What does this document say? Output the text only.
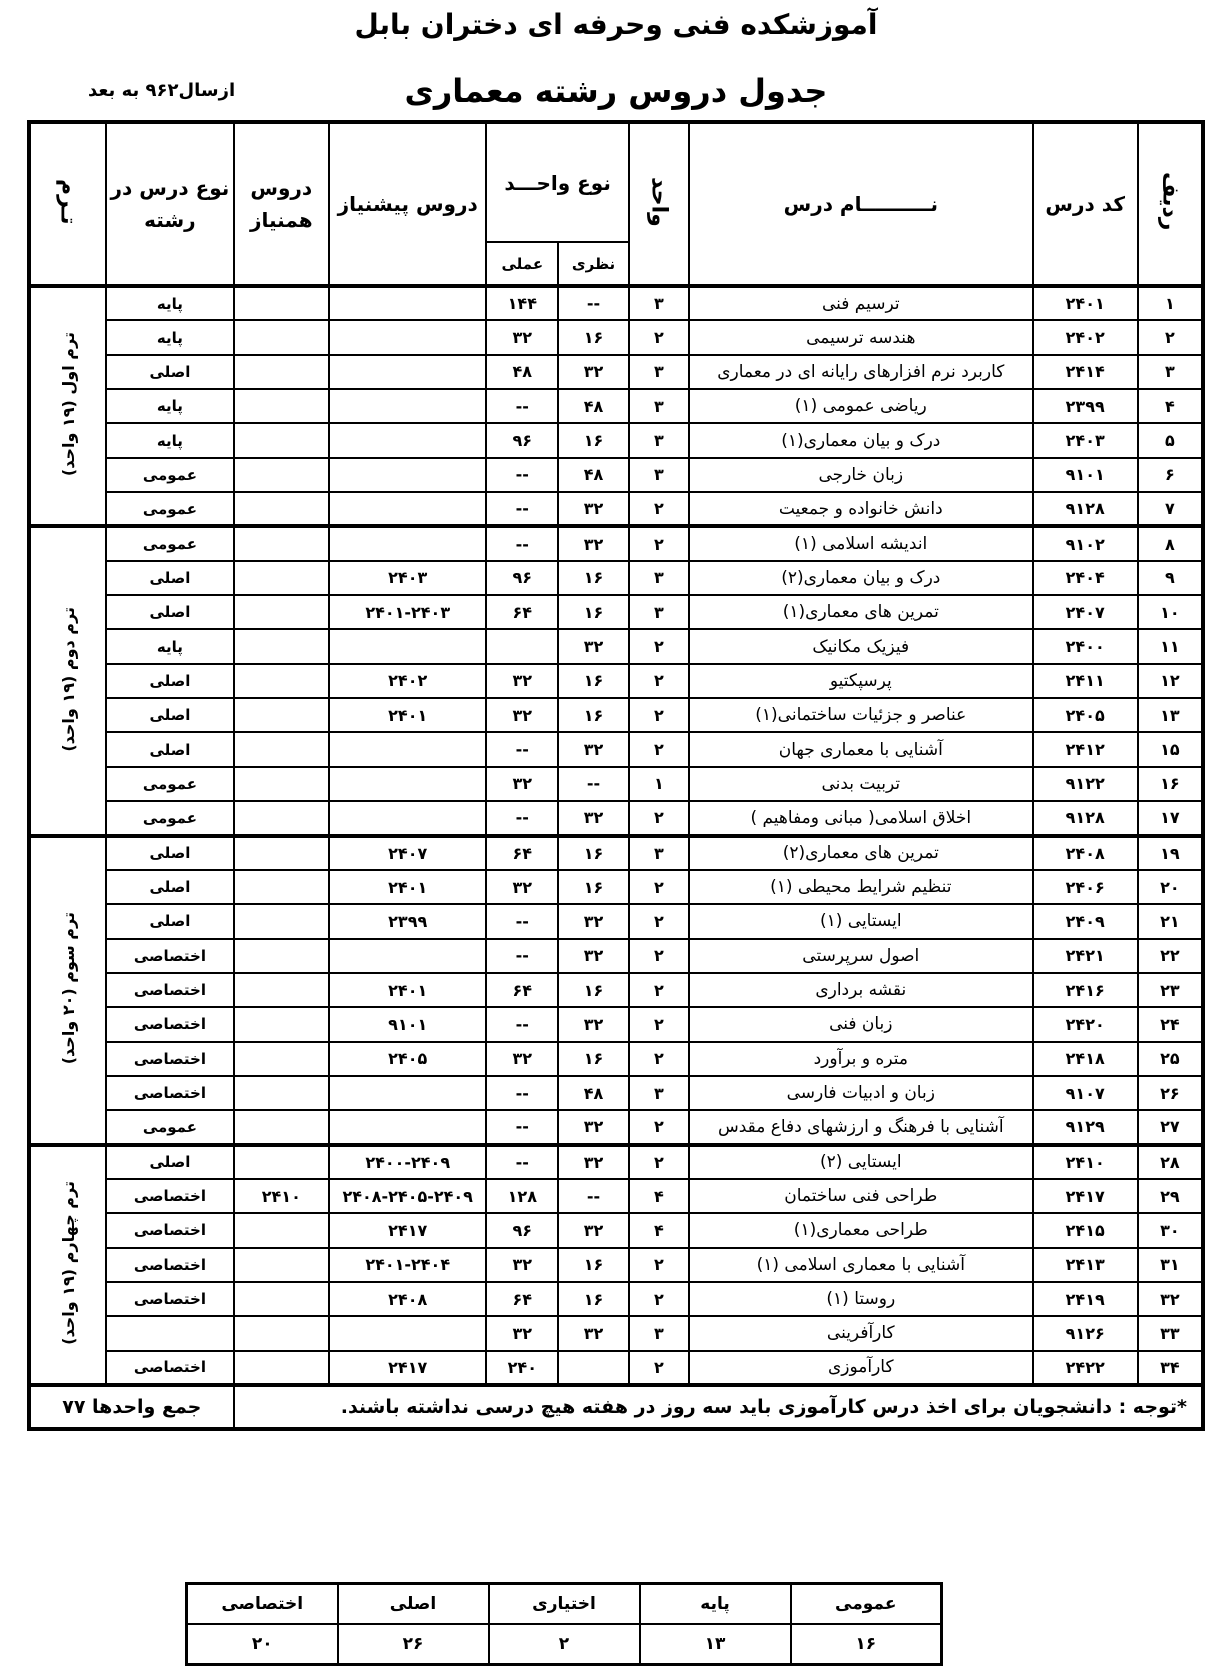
آموزشکده فنی وحرفه ای دختران بابل
جدول دروس رشته معماری
ازسال۹۶۲ به بعد
ردیف	کد درس	نــــــــــام درس	واحد	نوع واحـــد		دروس پیشنیاز	دروس همنیاز	نوع درس در رشته	تـرم
				نظری	عملی				
۱	۲۴۰۱	ترسیم فنی	۳	--	۱۴۴			پایه	ترم اول (۱۹ واحد)
۲	۲۴۰۲	هندسه ترسیمی	۲	۱۶	۳۲			پایه	
۳	۲۴۱۴	کاربرد نرم افزارهای رایانه ای در معماری	۳	۳۲	۴۸			اصلی	
۴	۲۳۹۹	ریاضی عمومی (۱)	۳	۴۸	--			پایه	
۵	۲۴۰۳	درک و بیان معماری(۱)	۳	۱۶	۹۶			پایه	
۶	۹۱۰۱	زبان خارجی	۳	۴۸	--			عمومی	
۷	۹۱۲۸	دانش خانواده و جمعیت	۲	۳۲	--			عمومی	
۸	۹۱۰۲	اندیشه اسلامی (۱)	۲	۳۲	--			عمومی	ترم دوم (۱۹ واحد)
۹	۲۴۰۴	درک و بیان معماری(۲)	۳	۱۶	۹۶	۲۴۰۳		اصلی	
۱۰	۲۴۰۷	تمرین های معماری(۱)	۳	۱۶	۶۴	۲۴۰۱-۲۴۰۳		اصلی	
۱۱	۲۴۰۰	فیزیک مکانیک	۲	۳۲				پایه	
۱۲	۲۴۱۱	پرسپکتیو	۲	۱۶	۳۲	۲۴۰۲		اصلی	
۱۳	۲۴۰۵	عناصر و جزئیات ساختمانی(۱)	۲	۱۶	۳۲	۲۴۰۱		اصلی	
۱۵	۲۴۱۲	آشنایی با معماری جهان	۲	۳۲	--			اصلی	
۱۶	۹۱۲۲	تربیت بدنی	۱	--	۳۲			عمومی	
۱۷	۹۱۲۸	اخلاق اسلامی( مبانی ومفاهیم )	۲	۳۲	--			عمومی	
۱۹	۲۴۰۸	تمرین های معماری(۲)	۳	۱۶	۶۴	۲۴۰۷		اصلی	ترم سوم (۲۰ واحد)
۲۰	۲۴۰۶	تنظیم شرایط محیطی (۱)	۲	۱۶	۳۲	۲۴۰۱		اصلی	
۲۱	۲۴۰۹	ایستایی (۱)	۲	۳۲	--	۲۳۹۹		اصلی	
۲۲	۲۴۲۱	اصول سرپرستی	۲	۳۲	--			اختصاصی	
۲۳	۲۴۱۶	نقشه برداری	۲	۱۶	۶۴	۲۴۰۱		اختصاصی	
۲۴	۲۴۲۰	زبان فنی	۲	۳۲	--	۹۱۰۱		اختصاصی	
۲۵	۲۴۱۸	متره و برآورد	۲	۱۶	۳۲	۲۴۰۵		اختصاصی	
۲۶	۹۱۰۷	زبان و ادبیات فارسی	۳	۴۸	--			اختصاصی	
۲۷	۹۱۲۹	آشنایی با فرهنگ و ارزشهای دفاع مقدس	۲	۳۲	--			عمومی	
۲۸	۲۴۱۰	ایستایی (۲)	۲	۳۲	--	۲۴۰۰-۲۴۰۹		اصلی	ترم چهارم (۱۹ واحد)
۲۹	۲۴۱۷	طراحی فنی ساختمان	۴	--	۱۲۸	۲۴۰۸-۲۴۰۵-۲۴۰۹	۲۴۱۰	اختصاصی	
۳۰	۲۴۱۵	طراحی معماری(۱)	۴	۳۲	۹۶	۲۴۱۷		اختصاصی	
۳۱	۲۴۱۳	آشنایی با معماری اسلامی (۱)	۲	۱۶	۳۲	۲۴۰۱-۲۴۰۴		اختصاصی	
۳۲	۲۴۱۹	روستا (۱)	۲	۱۶	۶۴	۲۴۰۸		اختصاصی	
۳۳	۹۱۲۶	کارآفرینی	۳	۳۲	۳۲				
۳۴	۲۴۲۲	کارآموزی	۲		۲۴۰	۲۴۱۷		اختصاصی	
*توجه : دانشجویان برای اخذ درس کارآموزی باید سه روز در هفته هیچ درسی نداشته باشند.								جمع واحدها ۷۷	
عمومی	پایه	اختیاری	اصلی	اختصاصی
۱۶	۱۳	۲	۲۶	۲۰
